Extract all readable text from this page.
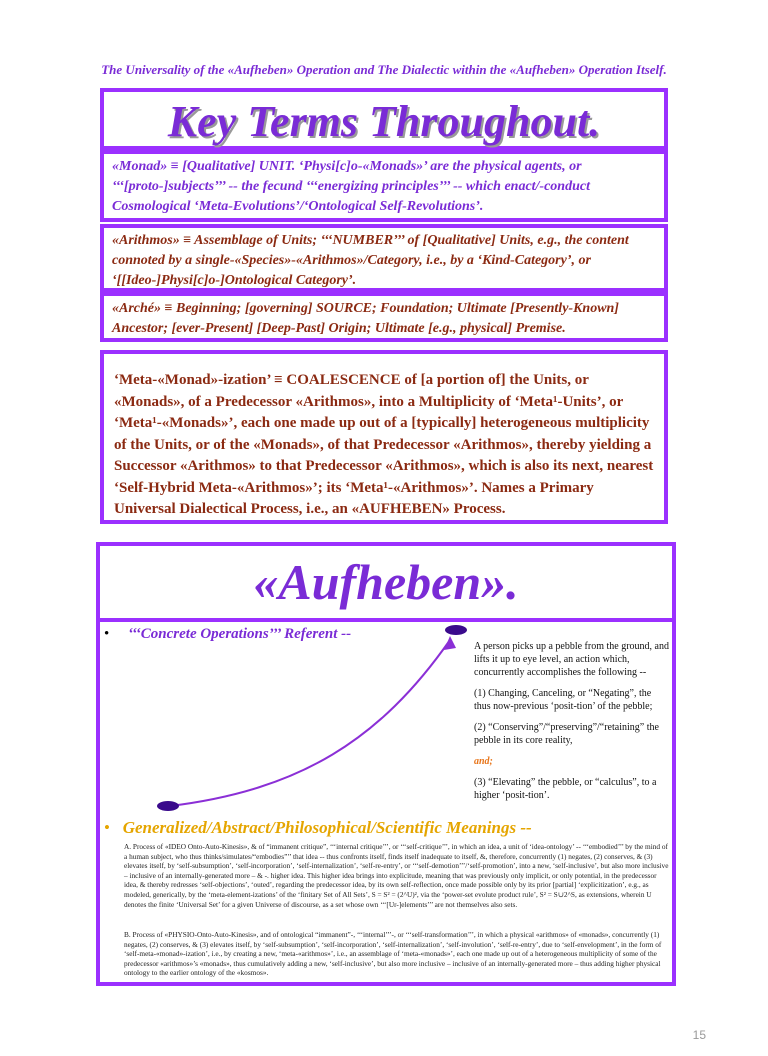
The Universality of the «Aufheben» Operation and The Dialectic within the «Aufheben» Operation Itself.
Key Terms Throughout.
«Monad» ≡ [Qualitative] UNIT. ‘Physi[c]o-«Monads»’ are the physical agents, or ‘‘‘[proto-]subjects’’’ -- the fecund ‘‘‘energizing principles’’’ -- which enact/-conduct Cosmological ‘Meta-Evolutions’/‘Ontological Self-Revolutions’.
«Arithmos» ≡ Assemblage of Units; ‘‘‘NUMBER’’’ of [Qualitative] Units, e.g., the content connoted by a single-«Species»-«Arithmos»/Category, i.e., by a ‘Kind-Category’, or ‘[[Ideo-]Physi[c]o-]Ontological Category’.
«Arché» ≡ Beginning; [governing] SOURCE; Foundation; Ultimate [Presently-Known] Ancestor; [ever-Present] [Deep-Past] Origin; Ultimate [e.g., physical] Premise.
‘Meta-«Monad»-ization’ ≡ COALESCENCE of [a portion of] the Units, or «Monads», of a Predecessor «Arithmos», into a Multiplicity of ‘Meta¹-Units’, or ‘Meta¹-«Monads»’, each one made up out of a [typically] heterogeneous multiplicity of the Units, or of the «Monads», of that Predecessor «Arithmos», thereby yielding a Successor «Arithmos» to that Predecessor «Arithmos», which is also its next, nearest ‘Self-Hybrid Meta-«Arithmos»’; its ‘Meta¹-«Arithmos»’. Names a Primary Universal Dialectical Process, i.e., an «AUFHEBEN» Process.
«Aufheben».
•     ‘‘‘Concrete Operations’’’ Referent --

A person picks up a pebble from the ground, and lifts it up to eye level, an action which, concurrently accomplishes the following --

(1) Changing, Canceling, or “Negating”, the thus now-previous ‘posit-tion’ of the pebble;

(2) “Conserving”/“preserving”/“retaining” the pebble in its core reality,

and;

(3) “Elevating” the pebble, or “calculus”, to a higher ‘posit-tion’.

•   Generalized/Abstract/Philosophical/Scientific Meanings --
A. Process of «IDEO Onto-Auto-Kinesis», & of “immanent critique”, ‘‘‘internal critique’’’, or ‘‘‘self-critique’’’, in which an idea, a unit of ‘idea-ontology’ -- ‘‘‘embodied’’’ by the mind of a human subject, who thus thinks/simulates/“embodies”’’ that idea -- thus confronts itself, finds itself inadequate to itself, &, therefore, concurrently (1) negates, (2) conserves, & (3) elevates itself, by ‘self-subsumption’, ‘self-incorporation’, ‘self-internalization’, ‘self-re-entry’, or ‘‘‘self-demotion’’’/‘self-promotion’, into a new, ‘self-inclusive’, but also more inclusive – inclusive of an internally-generated more – & -. higher idea. This higher idea brings into explicitude, meaning that was previously only implicit, or only potential, in the predecessor idea, & thereby redresses ‘self-objections’, ‘outed’, regarding the predecessor idea, by its own self-reflection, once made possible only by its prior [partial] ‘explicitization’, e.g., as modeled, generically, by the ‘meta-element-izations’ of the ‘finitary Set of All Sets’, S = S² = (2^U)², via the ‘power-set evolute product rule’, S² = S∪2^S, as extensions, wherein U denotes the finite ‘Universal Set’ for a given Universe of discourse, as a set whose own ‘‘‘[Ur-]elements’’’ are not themselves also sets.
B. Process of «PHYSIO-Onto-Auto-Kinesis», and of ontological “immanent”-, ‘‘‘internal’’’-, or ‘‘‘self-transformation’’’, in which a physical «arithmos» of «monads», concurrently (1) negates, (2) conserves, & (3) elevates itself, by ‘self-subsumption’, ‘self-incorporation’, ‘self-internalization’, ‘self-involution’, ‘self-re-entry’, due to ‘self-envelopment’, in the form of ‘self-meta-«monad»-ization’, i.e., by creating a new, ‘meta-«arithmos»’, i.e., an assemblage of ‘meta-«monads»’, each one made up out of a heterogeneous multiplicity of some of the predecessor «arithmos»’s «monads», thus cumulatively adding a new, ‘self-inclusive’, but also more inclusive – inclusive of an internally-generated more – thus adding higher physical ontology to the earlier ontology of the «kosmos».
15
